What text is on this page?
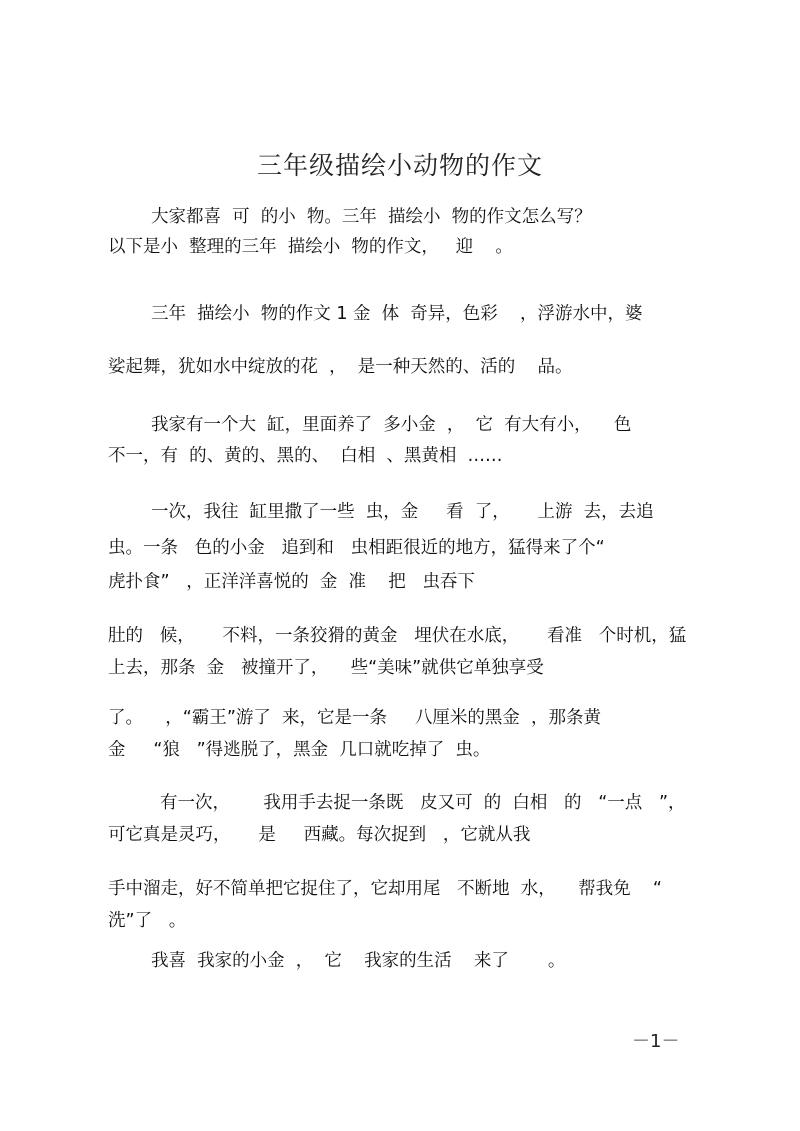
三年级描绘小动物的作文
大家都喜  可  的小  物。三年  描绘小  物的作文怎么写？
以下是小  整理的三年  描绘小  物的作文，   迎    。
三年  描绘小  物的作文 1 金  体  奇异，色彩    ，浮游水中，婆
娑起舞，犹如水中绽放的花  ，  是一种天然的、活的    品。
我家有一个大  缸，里面养了  多小金  ，  它  有大有小，    色
不一，有  的、黄的、黑的、  白相  、黑黄相  ……
一次，我往  缸里撒了一些  虫，金     看  了，     上游  去，去追
虫。一条   色的小金   追到和   虫相距很近的地方，猛得来了个“
虎扑食”   ，正洋洋喜悦的  金  准    把   虫吞下
肚的   候，     不料，一条狡猾的黄金   埋伏在水底，     看准   个时机，猛
上去，那条  金   被撞开了，    些“美味”就供它单独享受
了。    ，“霸王”游了  来，它是一条     八厘米的黑金  ，那条黄
金     “狼   ”得逃脱了，黑金  几口就吃掉了  虫。
有一次，      我用手去捉一条既   皮又可  的  白相   的   “一点   ”，
可它真是灵巧，     是     西藏。每次捉到   ，它就从我
手中溜走，好不简单把它捉住了，它却用尾   不断地  水，    帮我免    “
洗”了   。
我喜  我家的小金  ，  它    我家的生活    来了       。
－1－
